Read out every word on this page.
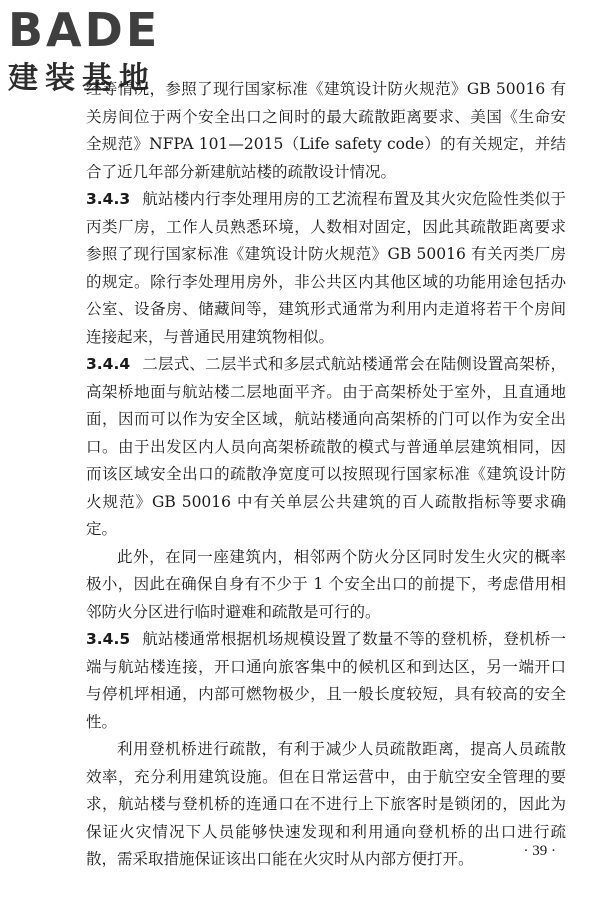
BADE
建装基地

经等情况，参照了现行国家标准《建筑设计防火规范》GB 50016 有关房间位于两个安全出口之间时的最大疏散距离要求、美国《生命安全规范》NFPA 101—2015（Life safety code）的有关规定，并结合了近几年部分新建航站楼的疏散设计情况。

3.4.3 航站楼内行李处理用房的工艺流程布置及其火灾危险性类似于丙类厂房，工作人员熟悉环境，人数相对固定，因此其疏散距离要求参照了现行国家标准《建筑设计防火规范》GB 50016 有关丙类厂房的规定。除行李处理用房外，非公共区内其他区域的功能用途包括办公室、设备房、储藏间等，建筑形式通常为利用内走道将若干个房间连接起来，与普通民用建筑物相似。

3.4.4 二层式、二层半式和多层式航站楼通常会在陆侧设置高架桥，高架桥地面与航站楼二层地面平齐。由于高架桥处于室外，且直通地面，因而可以作为安全区域，航站楼通向高架桥的门可以作为安全出口。由于出发区内人员向高架桥疏散的模式与普通单层建筑相同，因而该区域安全出口的疏散净宽度可以按照现行国家标准《建筑设计防火规范》GB 50016 中有关单层公共建筑的百人疏散指标等要求确定。

此外，在同一座建筑内，相邻两个防火分区同时发生火灾的概率极小，因此在确保自身有不少于 1 个安全出口的前提下，考虑借用相邻防火分区进行临时避难和疏散是可行的。

3.4.5 航站楼通常根据机场规模设置了数量不等的登机桥，登机桥一端与航站楼连接，开口通向旅客集中的候机区和到达区，另一端开口与停机坪相通，内部可燃物极少，且一般长度较短，具有较高的安全性。

利用登机桥进行疏散，有利于减少人员疏散距离，提高人员疏散效率，充分利用建筑设施。但在日常运营中，由于航空安全管理的要求，航站楼与登机桥的连通口在不进行上下旅客时是锁闭的，因此为保证火灾情况下人员能够快速发现和利用通向登机桥的出口进行疏散，需采取措施保证该出口能在火灾时从内部方便打开。	· 39 ·
